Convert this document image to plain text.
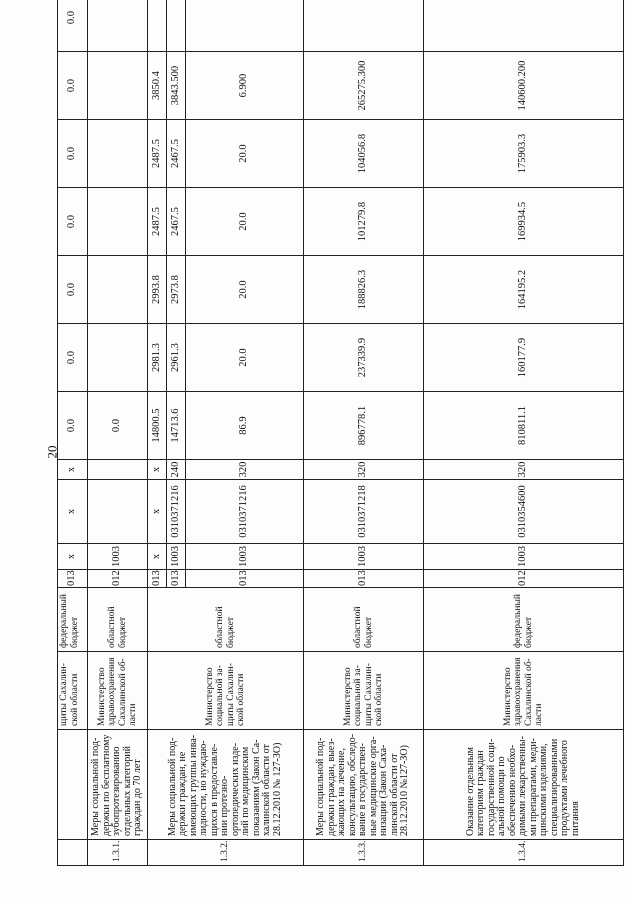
20
		щиты Сахалин-ской области	федеральный бюджет	013	x	x	x	0.0	0.0	0.0	0.0	0.0	0.0	0.0
1.3.1.	Меры социальной под-держки по бесплатному зубопротезированию отдельных категорий граждан до 70 лет	Министерство здравоохранения Сахалинской об-ласти	областной бюджет	012	1003			0.0						
1.3.2.	Меры социальной под-держки граждан, не имеющих группы инва-лидности, но нуждаю-щихся в предоставле-нии протезно-ортопедических изде-лий по медицинским показаниям (Закон Са-халинской области от 28.12.2010 № 127-ЗО)	Министерство социальной за-щиты Сахалин-ской области	областной бюджет	013	x	x	x	14800.5	2981.3	2993.8	2487.5	2487.5	3850.4	
				013	1003	0310371216	240	14713.6	2961.3	2973.8	2467.5	2467.5	3843.500	
				013	1003	0310371216	320	86.9	20.0	20.0	20.0	20.0	6.900	
1.3.3.	Меры социальной под-держки граждан, выез-жающих на лечение, консультацию, обследо-вание в государствен-ные медицинские орга-низации (Закон Саха-линской области от 28.12.2010 №127-ЗО)	Министерство социальной за-щиты Сахалин-ской области	областной бюджет	013	1003	0310371218	320	896778.1	237339.9	188826.3	101279.8	104056.8	265275.300	
1.3.4.	Оказание отдельным категориям граждан государственной соци-альной помощи по обеспечению необхо-димыми лекарственны-ми препаратами, меди-цинскими изделиями, специализированными продуктами лечебного питания	Министерство здравоохранения Сахалинской об-ласти	федеральный бюджет	012	1003	0310354600	320	810811.1	160177.9	164195.2	169934.5	175903.3	140600.200	
